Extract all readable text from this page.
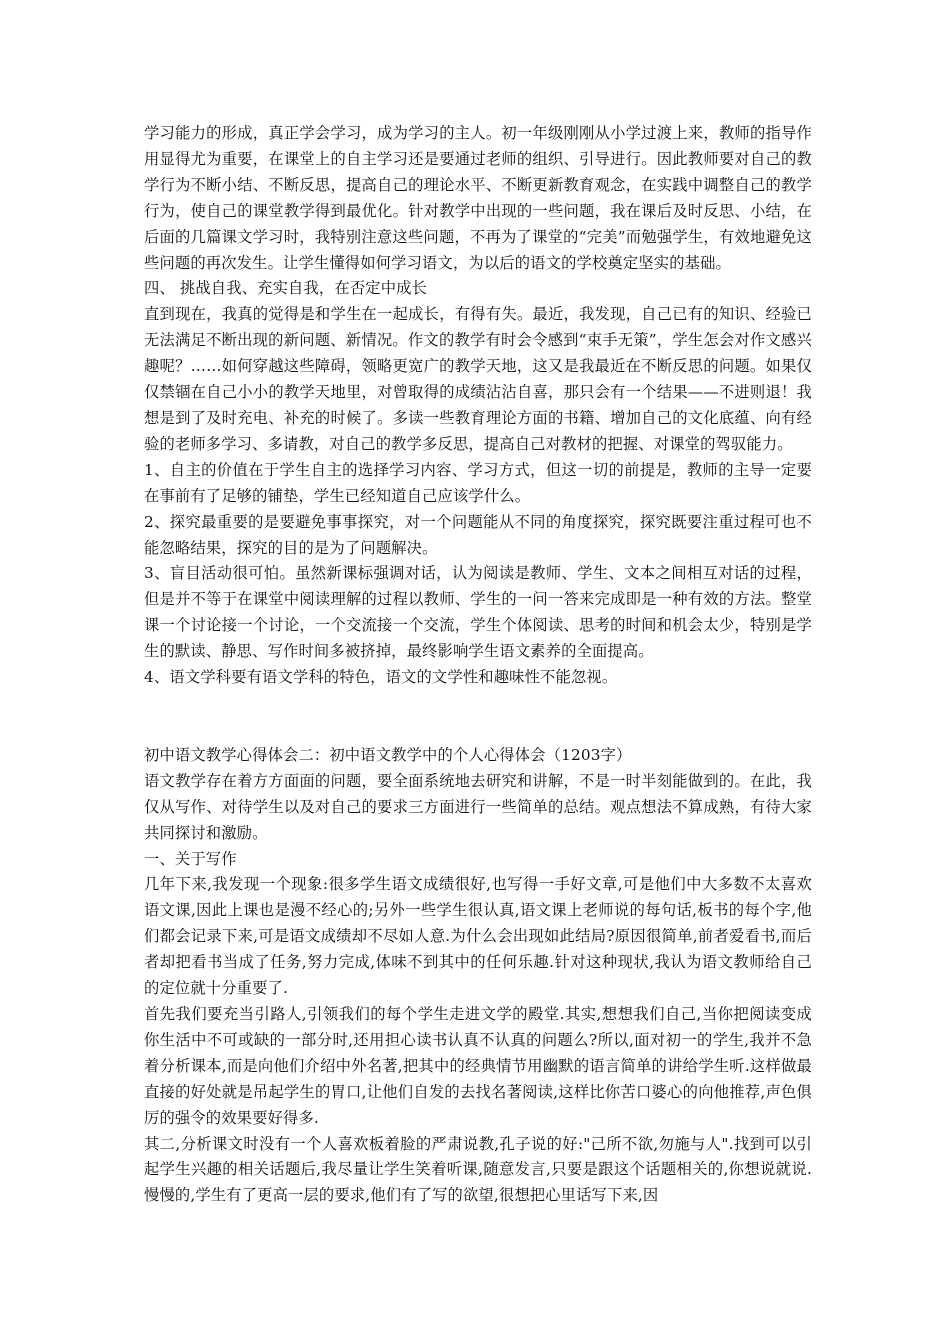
学习能力的形成，真正学会学习，成为学习的主人。初一年级刚刚从小学过渡上来，教师的指导作用显得尤为重要，在课堂上的自主学习还是要通过老师的组织、引导进行。因此教师要对自己的教学行为不断小结、不断反思，提高自己的理论水平、不断更新教育观念，在实践中调整自己的教学行为，使自己的课堂教学得到最优化。针对教学中出现的一些问题，我在课后及时反思、小结，在后面的几篇课文学习时，我特别注意这些问题，不再为了课堂的“完美”而勉强学生，有效地避免这些问题的再次发生。让学生懂得如何学习语文，为以后的语文的学校奠定坚实的基础。

四、 挑战自我、充实自我，在否定中成长

直到现在，我真的觉得是和学生在一起成长，有得有失。最近，我发现，自己已有的知识、经验已无法满足不断出现的新问题、新情况。作文的教学有时会令感到“束手无策”，学生怎会对作文感兴趣呢？……如何穿越这些障碍，领略更宽广的教学天地，这又是我最近在不断反思的问题。如果仅仅禁锢在自己小小的教学天地里，对曾取得的成绩沾沾自喜，那只会有一个结果——不进则退！我想是到了及时充电、补充的时候了。多读一些教育理论方面的书籍、增加自己的文化底蕴、向有经验的老师多学习、多请教，对自己的教学多反思，提高自己对教材的把握、对课堂的驾驭能力。

1、自主的价值在于学生自主的选择学习内容、学习方式，但这一切的前提是，教师的主导一定要在事前有了足够的铺垫，学生已经知道自己应该学什么。

2、探究最重要的是要避免事事探究，对一个问题能从不同的角度探究，探究既要注重过程可也不能忽略结果，探究的目的是为了问题解决。

3、盲目活动很可怕。虽然新课标强调对话，认为阅读是教师、学生、文本之间相互对话的过程，但是并不等于在课堂中阅读理解的过程以教师、学生的一问一答来完成即是一种有效的方法。整堂课一个讨论接一个讨论，一个交流接一个交流，学生个体阅读、思考的时间和机会太少，特别是学生的默读、静思、写作时间多被挤掉，最终影响学生语文素养的全面提高。

4、语文学科要有语文学科的特色，语文的文学性和趣味性不能忽视。

初中语文教学心得体会二：初中语文教学中的个人心得体会（1203字）

语文教学存在着方方面面的问题，要全面系统地去研究和讲解，不是一时半刻能做到的。在此，我仅从写作、对待学生以及对自己的要求三方面进行一些简单的总结。观点想法不算成熟，有待大家共同探讨和激励。

一、关于写作

几年下来,我发现一个现象:很多学生语文成绩很好,也写得一手好文章,可是他们中大多数不太喜欢语文课,因此上课也是漫不经心的;另外一些学生很认真,语文课上老师说的每句话,板书的每个字,他们都会记录下来,可是语文成绩却不尽如人意.为什么会出现如此结局?原因很简单,前者爱看书,而后者却把看书当成了任务,努力完成,体味不到其中的任何乐趣.针对这种现状,我认为语文教师给自己的定位就十分重要了.

首先我们要充当引路人,引领我们的每个学生走进文学的殿堂.其实,想想我们自己,当你把阅读变成你生活中不可或缺的一部分时,还用担心读书认真不认真的问题么?所以,面对初一的学生,我并不急着分析课本,而是向他们介绍中外名著,把其中的经典情节用幽默的语言简单的讲给学生听.这样做最直接的好处就是吊起学生的胃口,让他们自发的去找名著阅读,这样比你苦口婆心的向他推荐,声色俱厉的强令的效果要好得多.

其二,分析课文时没有一个人喜欢板着脸的严肃说教,孔子说的好:"己所不欲,勿施与人".找到可以引起学生兴趣的相关话题后,我尽量让学生笑着听课,随意发言,只要是跟这个话题相关的,你想说就说.慢慢的,学生有了更高一层的要求,他们有了写的欲望,很想把心里话写下来,因
